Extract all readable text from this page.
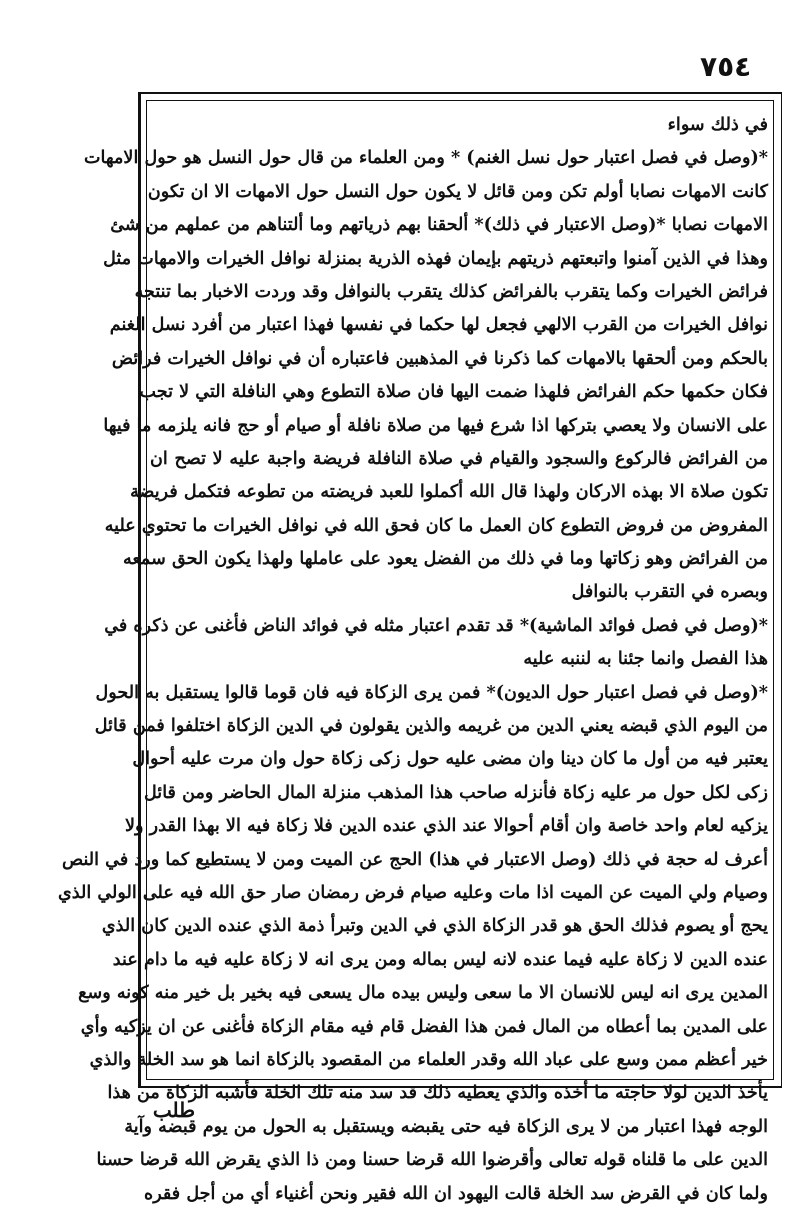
٧٥٤
في ذلك سواء
*(وصل في فصل اعتبار حول نسل الغنم) * ومن العلماء من قال حول النسل هو حول الامهات
كانت الامهات نصابا أولم تكن ومن قائل لا يكون حول النسل حول الامهات الا ان تكون
الامهات نصابا *(وصل الاعتبار في ذلك)* ألحقنا بهم ذرياتهم وما ألتناهم من عملهم من شئ
وهذا في الذين آمنوا واتبعتهم ذريتهم بإيمان فهذه الذرية بمنزلة نوافل الخيرات والامهات مثل
فرائض الخيرات وكما يتقرب بالفرائض كذلك يتقرب بالنوافل وقد وردت الاخبار بما تنتجه
نوافل الخيرات من القرب الالهي فجعل لها حكما في نفسها فهذا اعتبار من أفرد نسل الغنم
بالحكم ومن ألحقها بالامهات كما ذكرنا في المذهبين فاعتباره أن في نوافل الخيرات فرائض
فكان حكمها حكم الفرائض فلهذا ضمت اليها فان صلاة التطوع وهي النافلة التي لا تجب
على الانسان ولا يعصي بتركها اذا شرع فيها من صلاة نافلة أو صيام أو حج فانه يلزمه ما فيها
من الفرائض فالركوع والسجود والقيام في صلاة النافلة فريضة واجبة عليه لا تصح ان
تكون صلاة الا بهذه الاركان ولهذا قال الله أكملوا للعبد فريضته من تطوعه فتكمل فريضة
المفروض من فروض التطوع كان العمل ما كان فحق الله في نوافل الخيرات ما تحتوي عليه
من الفرائض وهو زكاتها وما في ذلك من الفضل يعود على عاملها ولهذا يكون الحق سمعه
وبصره في التقرب بالنوافل
*(وصل في فصل فوائد الماشية)* قد تقدم اعتبار مثله في فوائد الناض فأغنى عن ذكره في
هذا الفصل وانما جئنا به لننبه عليه
*(وصل في فصل اعتبار حول الديون)* فمن يرى الزكاة فيه فان قوما قالوا يستقبل به الحول
من اليوم الذي قبضه يعني الدين من غريمه والذين يقولون في الدين الزكاة اختلفوا فمن قائل
يعتبر فيه من أول ما كان دينا وان مضى عليه حول زكى زكاة حول وان مرت عليه أحوال
زكى لكل حول مر عليه زكاة فأنزله صاحب هذا المذهب منزلة المال الحاضر ومن قائل
يزكيه لعام واحد خاصة وان أقام أحوالا عند الذي عنده الدين فلا زكاة فيه الا بهذا القدر ولا
أعرف له حجة في ذلك (وصل الاعتبار في هذا) الحج عن الميت ومن لا يستطيع كما ورد في النص
وصيام ولي الميت عن الميت اذا مات وعليه صيام فرض رمضان صار حق الله فيه على الولي الذي
يحج أو يصوم فذلك الحق هو قدر الزكاة الذي في الدين وتبرأ ذمة الذي عنده الدين كان الذي
عنده الدين لا زكاة عليه فيما عنده لانه ليس بماله ومن يرى انه لا زكاة عليه فيه ما دام عند
المدين يرى انه ليس للانسان الا ما سعى وليس بيده مال يسعى فيه بخير بل خير منه كونه وسع
على المدين بما أعطاه من المال فمن هذا الفضل قام فيه مقام الزكاة فأغنى عن ان يزكيه وأي
خير أعظم ممن وسع على عباد الله وقدر العلماء من المقصود بالزكاة انما هو سد الخلة والذي
يأخذ الدين لولا حاجته ما أخذه والذي يعطيه ذلك قد سد منه تلك الخلة فأشبه الزكاة من هذا
الوجه فهذا اعتبار من لا يرى الزكاة فيه حتى يقبضه ويستقبل به الحول من يوم قبضه وآية
الدين على ما قلناه قوله تعالى وأقرضوا الله قرضا حسنا ومن ذا الذي يقرض الله قرضا حسنا
ولما كان في القرض سد الخلة قالت اليهود ان الله فقير ونحن أغنياء أي من أجل فقره
طلب
